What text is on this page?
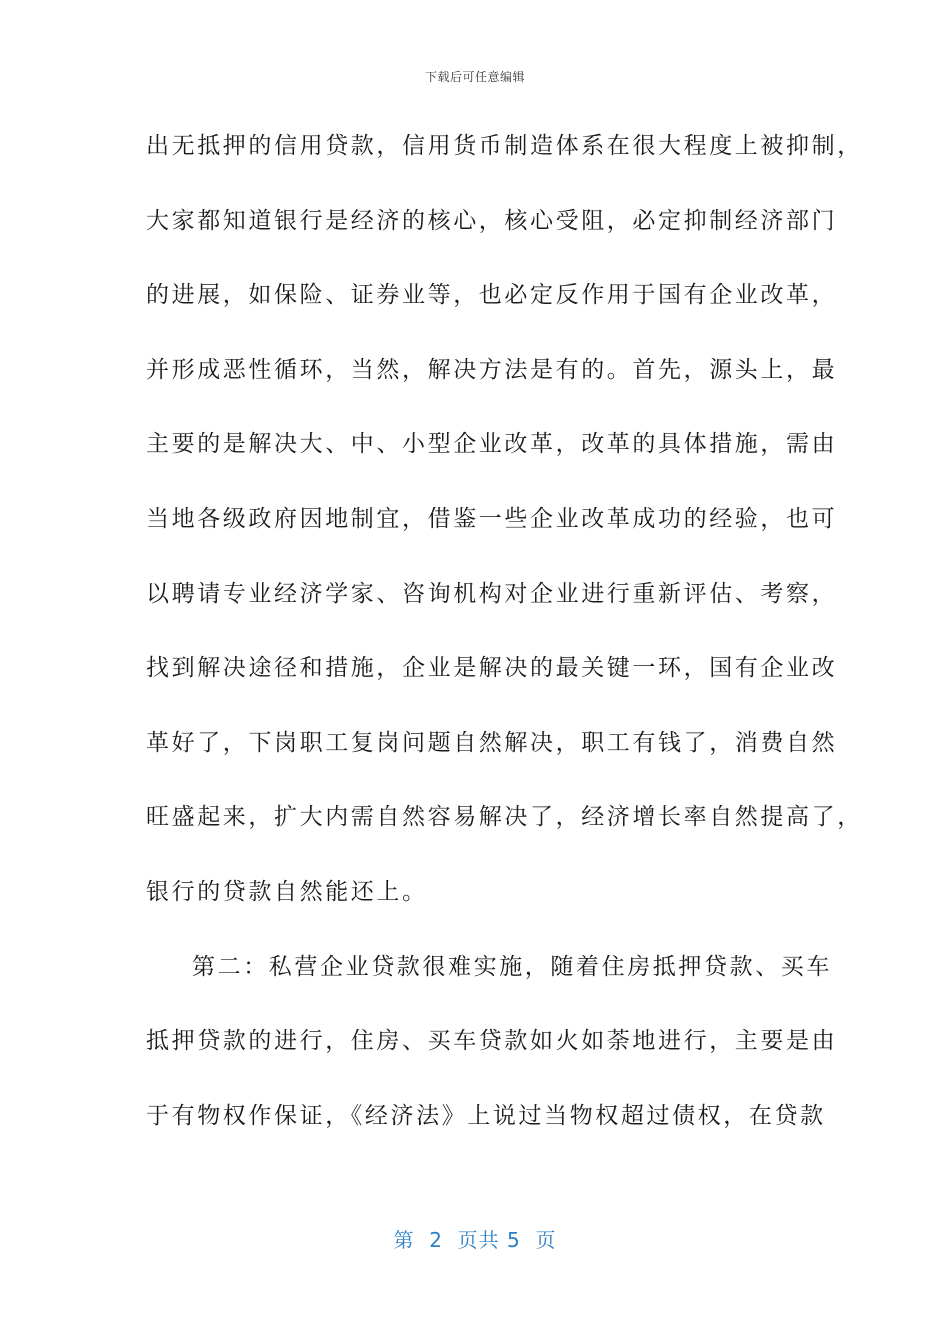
下载后可任意编辑
出无抵押的信用贷款，信用货币制造体系在很大程度上被抑制，
大家都知道银行是经济的核心，核心受阻，必定抑制经济部门
的进展，如保险、证券业等，也必定反作用于国有企业改革，
并形成恶性循环，当然，解决方法是有的。首先，源头上，最
主要的是解决大、中、小型企业改革，改革的具体措施，需由
当地各级政府因地制宜，借鉴一些企业改革成功的经验，也可
以聘请专业经济学家、咨询机构对企业进行重新评估、考察，
找到解决途径和措施，企业是解决的最关键一环，国有企业改
革好了，下岗职工复岗问题自然解决，职工有钱了，消费自然
旺盛起来，扩大内需自然容易解决了，经济增长率自然提高了，
银行的贷款自然能还上。
第二：私营企业贷款很难实施，随着住房抵押贷款、买车
抵押贷款的进行，住房、买车贷款如火如荼地进行，主要是由
于有物权作保证，《经济法》上说过当物权超过债权，在贷款
第  2  页共 5  页
